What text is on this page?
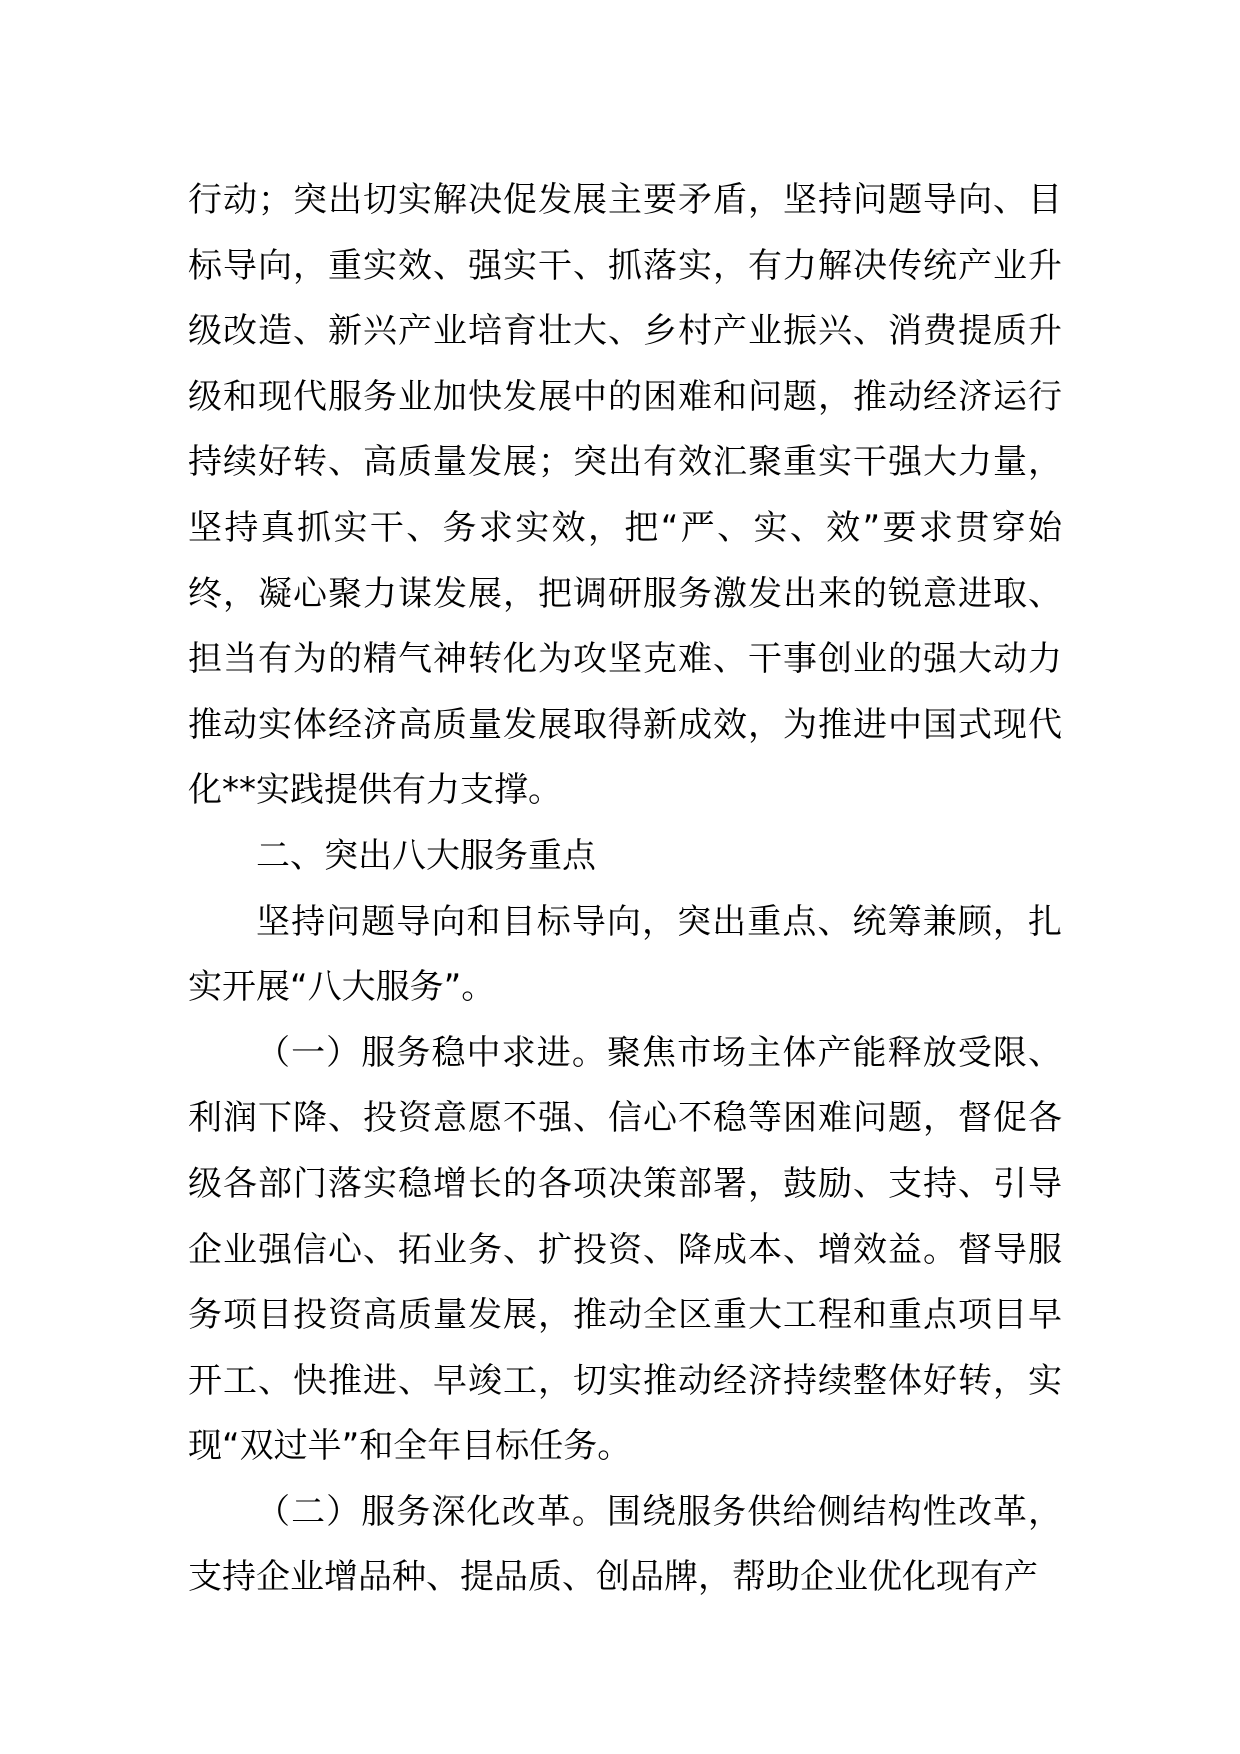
行动；突出切实解决促发展主要矛盾，坚持问题导向、目标导向，重实效、强实干、抓落实，有力解决传统产业升级改造、新兴产业培育壮大、乡村产业振兴、消费提质升级和现代服务业加快发展中的困难和问题，推动经济运行持续好转、高质量发展；突出有效汇聚重实干强大力量，坚持真抓实干、务求实效，把“严、实、效”要求贯穿始终，凝心聚力谋发展，把调研服务激发出来的锐意进取、担当有为的精气神转化为攻坚克难、干事创业的强大动力推动实体经济高质量发展取得新成效，为推进中国式现代化**实践提供有力支撑。

二、突出八大服务重点

坚持问题导向和目标导向，突出重点、统筹兼顾，扎实开展“八大服务”。

（一）服务稳中求进。聚焦市场主体产能释放受限、利润下降、投资意愿不强、信心不稳等困难问题，督促各级各部门落实稳增长的各项决策部署，鼓励、支持、引导企业强信心、拓业务、扩投资、降成本、增效益。督导服务项目投资高质量发展，推动全区重大工程和重点项目早开工、快推进、早竣工，切实推动经济持续整体好转，实现“双过半”和全年目标任务。

（二）服务深化改革。围绕服务供给侧结构性改革，支持企业增品种、提品质、创品牌，帮助企业优化现有产
